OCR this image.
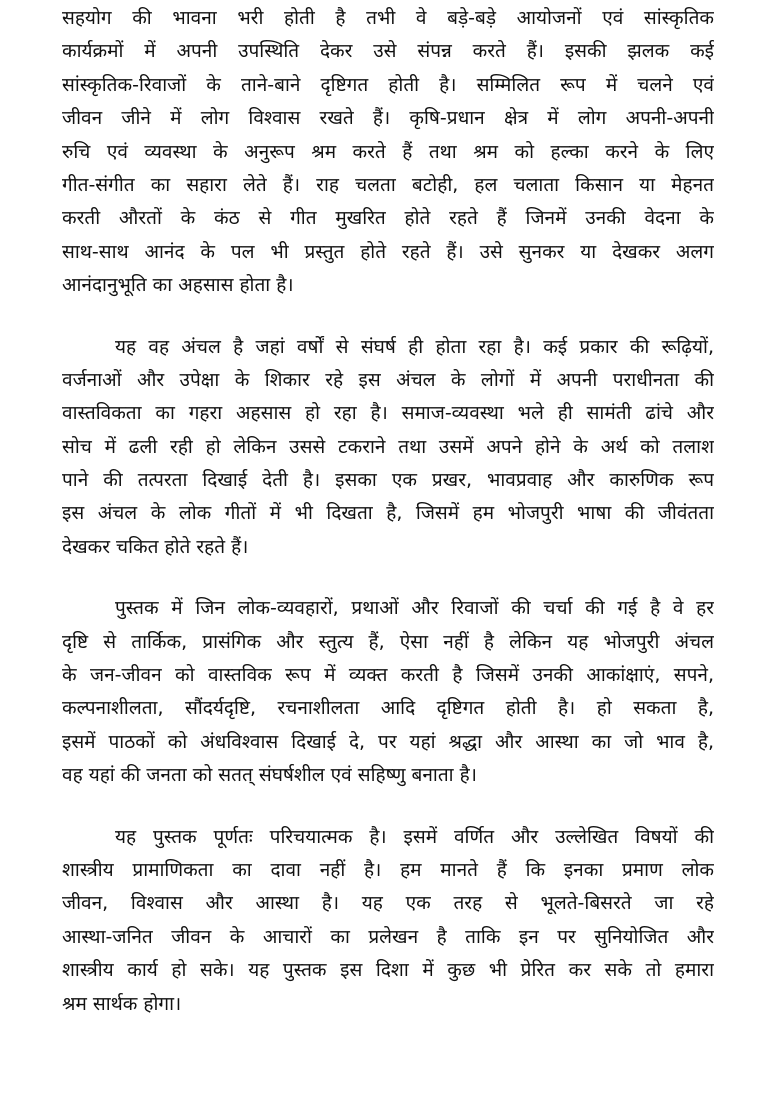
सहयोग की भावना भरी होती है तभी वे बड़े-बड़े आयोजनों एवं सांस्कृतिक
कार्यक्रमों में अपनी उपस्थिति देकर उसे संपन्न करते हैं। इसकी झलक कई
सांस्कृतिक-रिवाजों के ताने-बाने दृष्टिगत होती है। सम्मिलित रूप में चलने एवं
जीवन जीने में लोग विश्वास रखते हैं। कृषि-प्रधान क्षेत्र में लोग अपनी-अपनी
रुचि एवं व्यवस्था के अनुरूप श्रम करते हैं तथा श्रम को हल्का करने के लिए
गीत-संगीत का सहारा लेते हैं। राह चलता बटोही, हल चलाता किसान या मेहनत
करती औरतों के कंठ से गीत मुखरित होते रहते हैं जिनमें उनकी वेदना के
साथ-साथ आनंद के पल भी प्रस्तुत होते रहते हैं। उसे सुनकर या देखकर अलग
आनंदानुभूति का अहसास होता है।
यह वह अंचल है जहां वर्षों से संघर्ष ही होता रहा है। कई प्रकार की रूढ़ियों,
वर्जनाओं और उपेक्षा के शिकार रहे इस अंचल के लोगों में अपनी पराधीनता की
वास्तविकता का गहरा अहसास हो रहा है। समाज-व्यवस्था भले ही सामंती ढांचे और
सोच में ढली रही हो लेकिन उससे टकराने तथा उसमें अपने होने के अर्थ को तलाश
पाने की तत्परता दिखाई देती है। इसका एक प्रखर, भावप्रवाह और कारुणिक रूप
इस अंचल के लोक गीतों में भी दिखता है, जिसमें हम भोजपुरी भाषा की जीवंतता
देखकर चकित होते रहते हैं।
पुस्तक में जिन लोक-व्यवहारों, प्रथाओं और रिवाजों की चर्चा की गई है वे हर
दृष्टि से तार्किक, प्रासंगिक और स्तुत्य हैं, ऐसा नहीं है लेकिन यह भोजपुरी अंचल
के जन-जीवन को वास्तविक रूप में व्यक्त करती है जिसमें उनकी आकांक्षाएं, सपने,
कल्पनाशीलता, सौंदर्यदृष्टि, रचनाशीलता आदि दृष्टिगत होती है। हो सकता है,
इसमें पाठकों को अंधविश्वास दिखाई दे, पर यहां श्रद्धा और आस्था का जो भाव है,
वह यहां की जनता को सतत् संघर्षशील एवं सहिष्णु बनाता है।
यह पुस्तक पूर्णतः परिचयात्मक है। इसमें वर्णित और उल्लेखित विषयों की
शास्त्रीय प्रामाणिकता का दावा नहीं है। हम मानते हैं कि इनका प्रमाण लोक
जीवन, विश्वास और आस्था है। यह एक तरह से भूलते-बिसरते जा रहे
आस्था-जनित जीवन के आचारों का प्रलेखन है ताकि इन पर सुनियोजित और
शास्त्रीय कार्य हो सके। यह पुस्तक इस दिशा में कुछ भी प्रेरित कर सके तो हमारा
श्रम सार्थक होगा।
